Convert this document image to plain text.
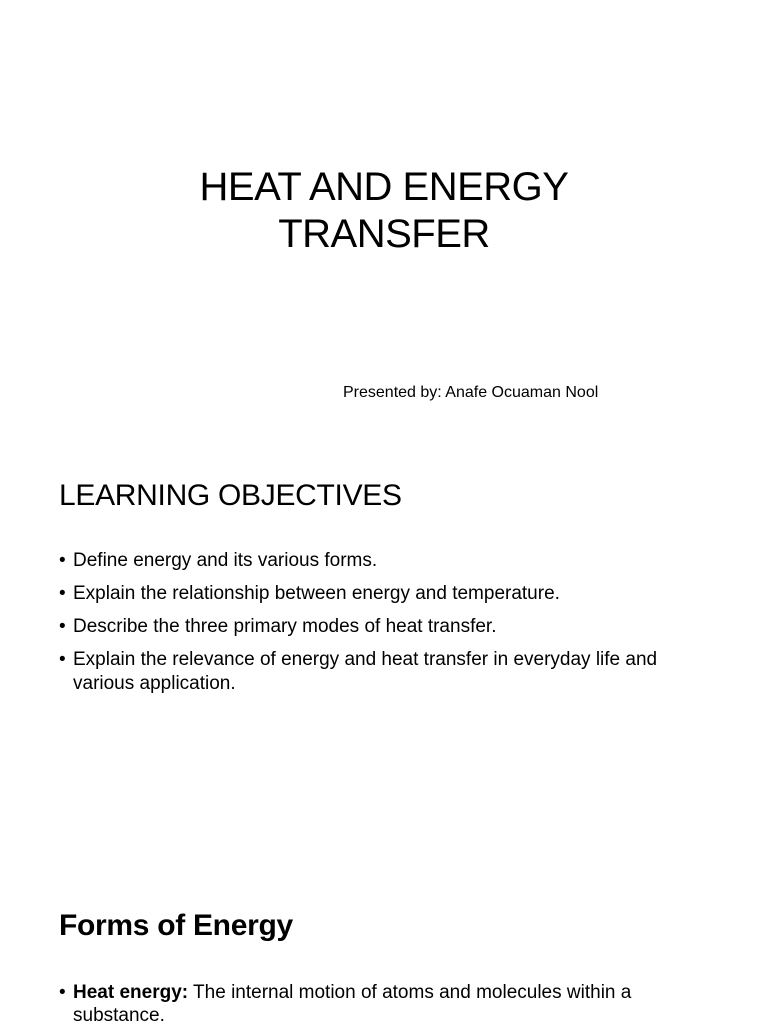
HEAT AND ENERGY
TRANSFER

Presented by: Anafe Ocuaman Nool

LEARNING OBJECTIVES
• Define energy and its various forms.
• Explain the relationship between energy and temperature.
• Describe the three primary modes of heat transfer.
• Explain the relevance of energy and heat transfer in everyday life and various application.
Forms of Energy
• Heat energy: The internal motion of atoms and molecules within a substance.
